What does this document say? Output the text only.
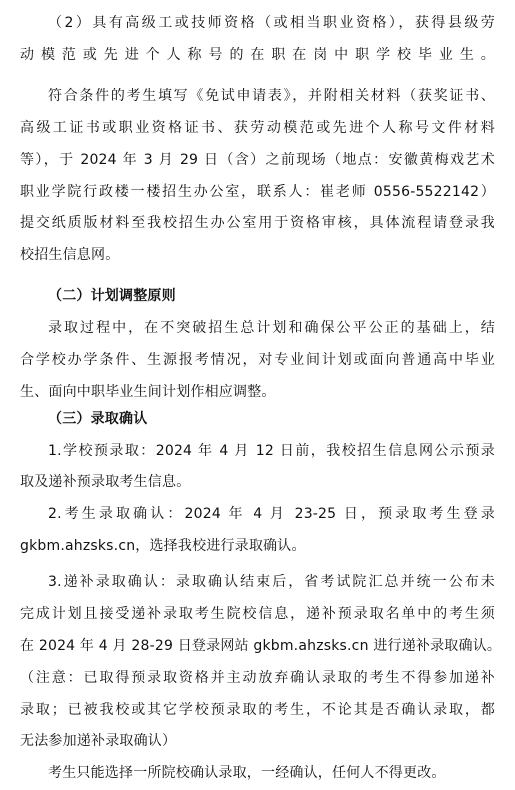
（2）具有高级工或技师资格（或相当职业资格），获得县级劳
动模范或先进个人称号的在职在岗中职学校毕业生。
符合条件的考生填写《免试申请表》，并附相关材料（获奖证书、
高级工证书或职业资格证书、获劳动模范或先进个人称号文件材料
等），于 2024 年 3 月 29 日（含）之前现场（地点：安徽黄梅戏艺术
职业学院行政楼一楼招生办公室，联系人：崔老师 0556-5522142）
提交纸质版材料至我校招生办公室用于资格审核，具体流程请登录我
校招生信息网。
（二）计划调整原则
录取过程中，在不突破招生总计划和确保公平公正的基础上，结
合学校办学条件、生源报考情况，对专业间计划或面向普通高中毕业
生、面向中职毕业生间计划作相应调整。
（三）录取确认
1.学校预录取：2024 年 4 月 12 日前，我校招生信息网公示预录
取及递补预录取考生信息。
2.考生录取确认：2024 年 4 月 23-25 日，预录取考生登录
gkbm.ahzsks.cn，选择我校进行录取确认。
3.递补录取确认：录取确认结束后，省考试院汇总并统一公布未
完成计划且接受递补录取考生院校信息，递补预录取名单中的考生须
在 2024 年 4 月 28-29 日登录网站 gkbm.ahzsks.cn 进行递补录取确认。
（注意：已取得预录取资格并主动放弃确认录取的考生不得参加递补
录取；已被我校或其它学校预录取的考生，不论其是否确认录取，都
无法参加递补录取确认）
考生只能选择一所院校确认录取，一经确认，任何人不得更改。
